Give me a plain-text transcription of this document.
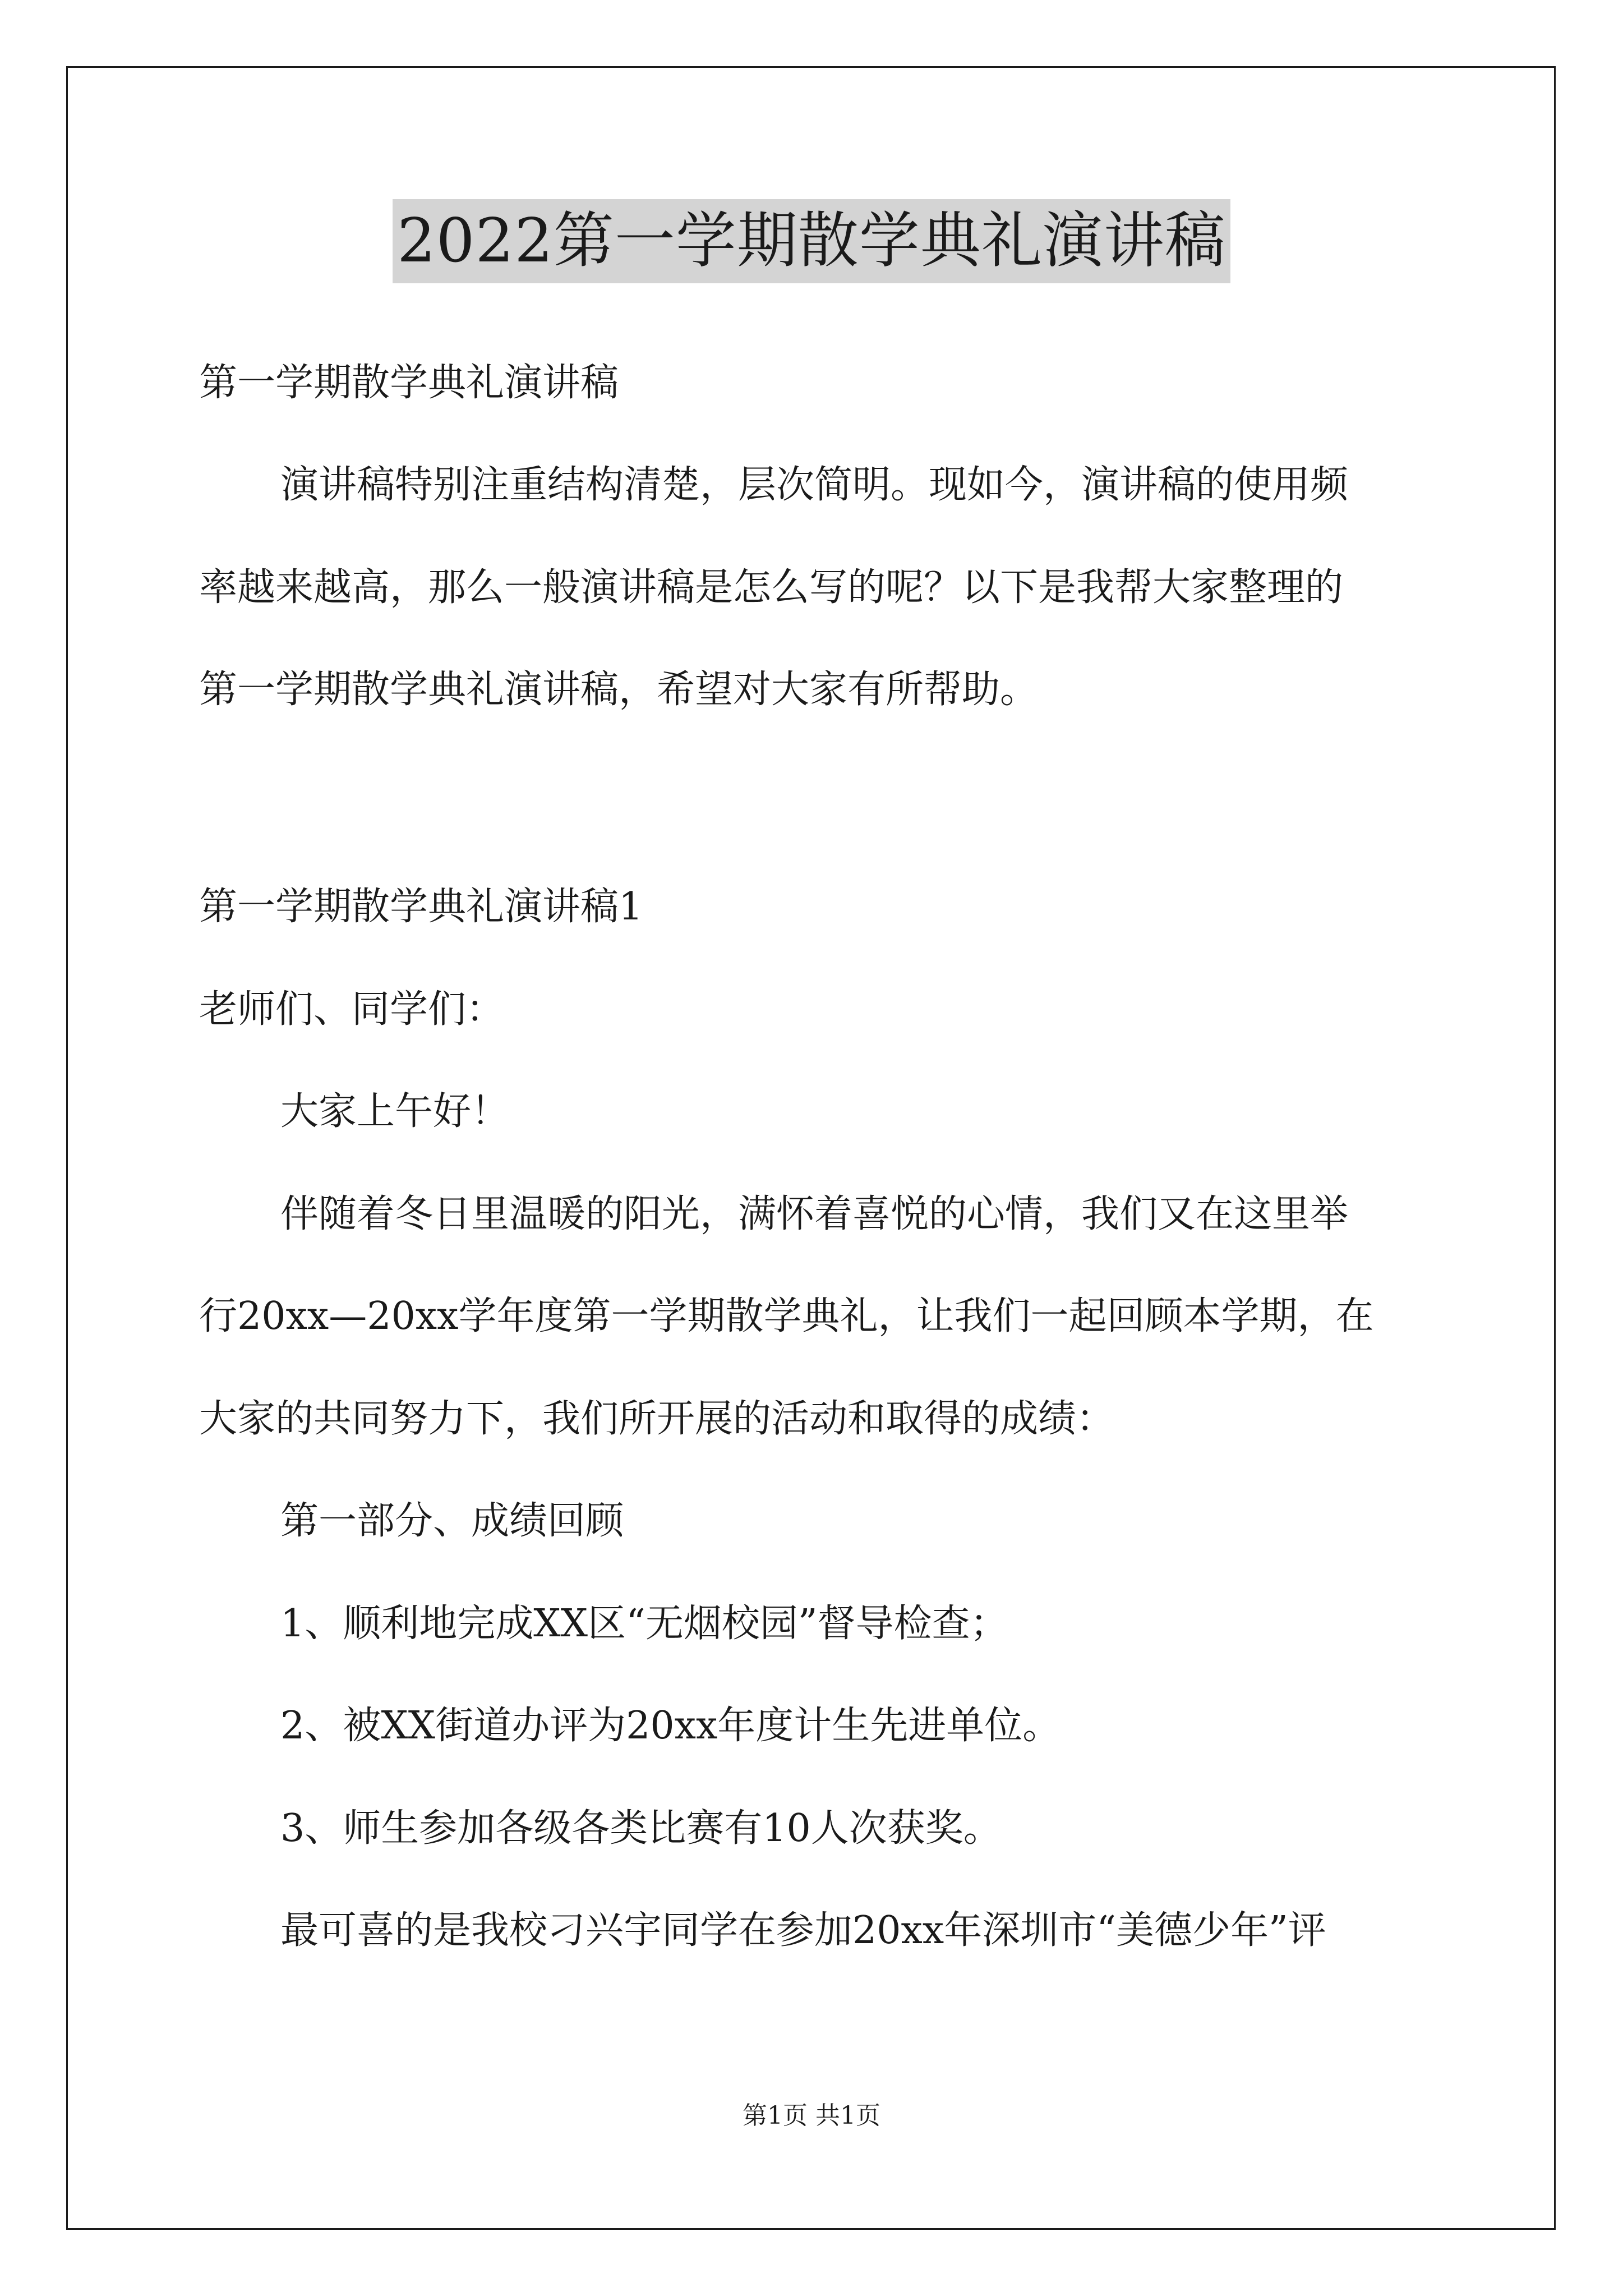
2022第一学期散学典礼演讲稿
第一学期散学典礼演讲稿
演讲稿特别注重结构清楚，层次简明。现如今，演讲稿的使用频
率越来越高，那么一般演讲稿是怎么写的呢？以下是我帮大家整理的
第一学期散学典礼演讲稿，希望对大家有所帮助。
第一学期散学典礼演讲稿1
老师们、同学们：
大家上午好！
伴随着冬日里温暖的阳光，满怀着喜悦的心情，我们又在这里举
行20xx—20xx学年度第一学期散学典礼，让我们一起回顾本学期，在
大家的共同努力下，我们所开展的活动和取得的成绩：
第一部分、成绩回顾
1、顺利地完成XX区“无烟校园”督导检查；
2、被XX街道办评为20xx年度计生先进单位。
3、师生参加各级各类比赛有10人次获奖。
最可喜的是我校刁兴宇同学在参加20xx年深圳市“美德少年”评
第1页 共1页
